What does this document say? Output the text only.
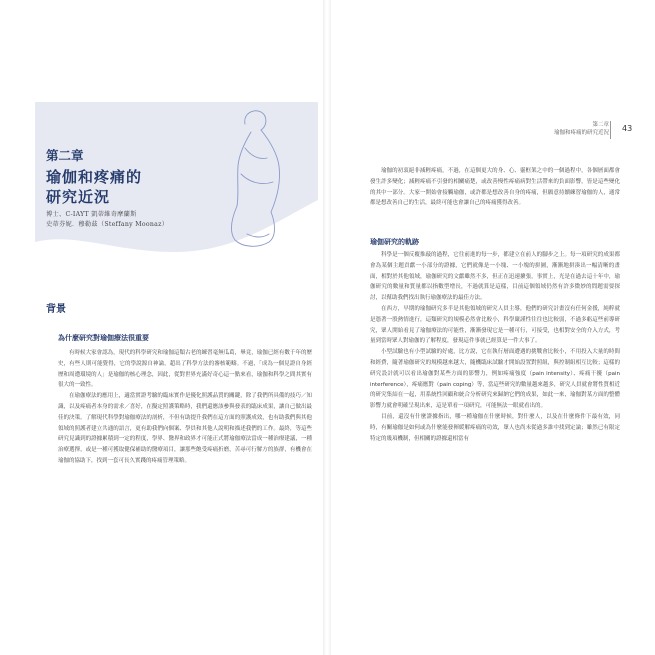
第二章
瑜伽和疼痛的
研究近況
博士、C-IAYT 凱蒂維奇摩蘭斯
史蒂芬妮．穆勒茲（Steffany Moonaz）
背景
為什麼研究對瑜伽療法很重要

有時候大家會認為，現代的科學研究和瑜伽這類古老的練習毫無瓜葛，畢竟，瑜伽已經有數千年的歷史，有些人則可能覺得，它的學說源自神論，超出了科學方法的審核範疇。不過，「成為一個見證自身經歷和周遭環境的人」是瑜伽的核心理念，因此，從對世界充滿好奇心這一點來看，瑜伽和科學之間其實有很大的一致性。

在瑜伽療法的應用上，適當實證考驗的臨床實作是優化照護品質的關鍵，除了我們所具備的技巧／知識，以及疼痛者本身的需求／喜好，在擬定照護策略時，我們還應該參與發表的臨床成果，讓自己做出最佳的決策。了解現代科學對瑜伽療法的剖析，不但有助提升我們在這方面的照護成效，也有助我們與其他領域的照護者建立共通的語言，更有助我們向個案、學員和其他人說明和描述我們的工作。最終，等這些研究見識到的證據累積到一定的程度，學界、醫界和政界才可能正式將瑜伽療法當成一種治療建議，一種治療選擇，或是一種可獲取健保補助的醫療項目，讓那些飽受疼痛折磨，苦尋可行解方的族群，有機會在瑜伽的協助下，找到一套可長久實踐的疼痛管理策略。

第二章
瑜伽和疼痛的研究近況 43

瑜伽的初衷絕非減輕疼痛，不過，在這個更大的身、心、靈框架之中的一個過程中，各個層面都會發生許多變化；減輕疼痛不引發的相關痛楚，或改善慢性疼痛病對生活帶來的負面影響，皆是這些變化的其中一部分。大家一開始會接觸瑜伽，或許都是想改善自身的疼痛，但願意持續練習瑜伽的人，通常都是想改善自己的生活，最終可能也會讓自己的疼痛獲得改善。

瑜伽研究的軌跡

科學是一個反覆推敲的過程，它往前進的每一步，都建立在前人的腳步之上。每一項研究的成果都會為某個主題貢獻一小部分的證據，它們就像是一小塊、一小塊的拼圖，漸漸地拼湊出一幅清晰的畫面，相對於其他領域，瑜伽研究的文獻雖然不多，但正在迅速擴張，事實上，光是在過去這十年中，瑜伽研究的數量和質量都以指數型增長，不過就算是這樣，目前這個領域仍然有許多微妙的問題需要探討，以幫助我們找出執行瑜伽療法的最佳方法。

在西方，早期的瑜伽研究多半是其他領域的研究人員主導，他們的研究計畫沒有任何金援，純粹就是憑著一股熱情進行，這類研究的規模必然會比較小，科學嚴謹性往往也比較弱，不過多虧這些前導研究，眾人開始看見了瑜伽療法的可能性，漸漸發現它是一種可行，可接受，也相對安全的介入方式，考量到當時眾人對瑜伽的了解程度，發現這件事就已經算是一件大事了。

小型試驗也有小型試驗的好處，比方說，它在執行層面遭遇的挑戰會比較小，不用投入大量的時間和經費，隨著瑜伽研究的規模越來越大，隨機臨床試驗才開始設置對照組，與控制組相互比較；這樣的研究設計就可以看出瑜伽對某些方面的影響力，例如疼痛強度（pain intensity）、疼痛干擾（pain interference），疼痛應對（pain coping）等，當這些研究的數量越來越多，研究人員就會將性質相近的研究集結在一起，用系統性回顧和統合分析研究來歸納它們的成果，如此一來，瑜伽對某方面的整體影響力就會明確呈現出來，這是單看一項研究，可能無法一眼就看出的。

目前，還沒有什麼證據指出，哪一種瑜伽在什麼時候，對什麼人，以及在什麼條件下最有效，同時，有關瑜伽是如何或為什麼能發揮緩解疼痛的功效，眾人也尚未從過多誰中找到定論；雖然已有限定特定的幾項機制，但相關的證據還相當有
